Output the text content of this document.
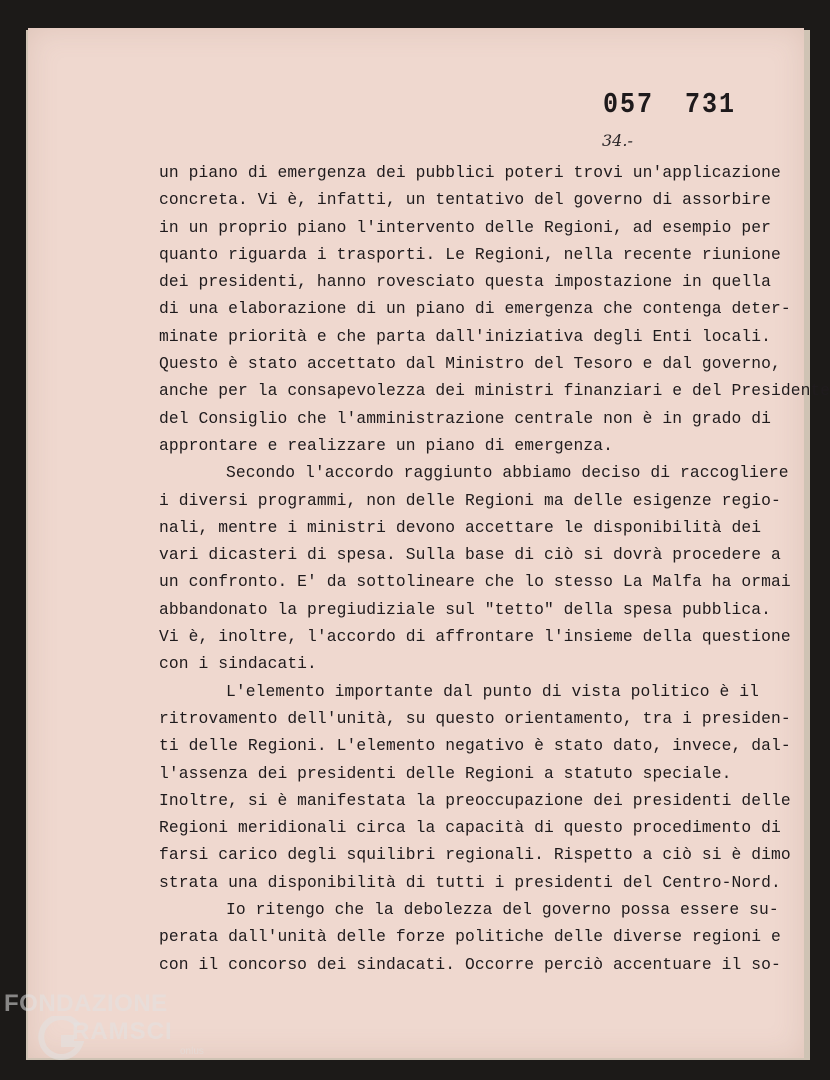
057 731
34.-
un piano di emergenza dei pubblici poteri trovi un'applicazione
concreta. Vi è, infatti, un tentativo del governo di assorbire
in un proprio piano l'intervento delle Regioni, ad esempio per
quanto riguarda i trasporti. Le Regioni, nella recente riunione
dei presidenti, hanno rovesciato questa impostazione in quella
di una elaborazione di un piano di emergenza che contenga deter-
minate priorità e che parta dall'iniziativa degli Enti locali.
Questo è stato accettato dal Ministro del Tesoro e dal governo,
anche per la consapevolezza dei ministri finanziari e del Presidente
del Consiglio che l'amministrazione centrale non è in grado di
approntare e realizzare un piano di emergenza.
Secondo l'accordo raggiunto abbiamo deciso di raccogliere
i diversi programmi, non delle Regioni ma delle esigenze regio-
nali, mentre i ministri devono accettare le disponibilità dei
vari dicasteri di spesa. Sulla base di ciò si dovrà procedere a
un confronto. E' da sottolineare che lo stesso La Malfa ha ormai
abbandonato la pregiudiziale sul "tetto" della spesa pubblica.
Vi è, inoltre, l'accordo di affrontare l'insieme della questione
con i sindacati.
L'elemento importante dal punto di vista politico è il
ritrovamento dell'unità, su questo orientamento, tra i presiden-
ti delle Regioni. L'elemento negativo è stato dato, invece, dal-
l'assenza dei presidenti delle Regioni a statuto speciale.
Inoltre, si è manifestata la preoccupazione dei presidenti delle
Regioni meridionali circa la capacità di questo procedimento di
farsi carico degli squilibri regionali. Rispetto a ciò si è dimo
strata una disponibilità di tutti i presidenti del Centro-Nord.
Io ritengo che la debolezza del governo possa essere su-
perata dall'unità delle forze politiche delle diverse regioni e
con il concorso dei sindacati. Occorre perciò accentuare il so-
FONDAZIONE
RAMSCI
onlus
